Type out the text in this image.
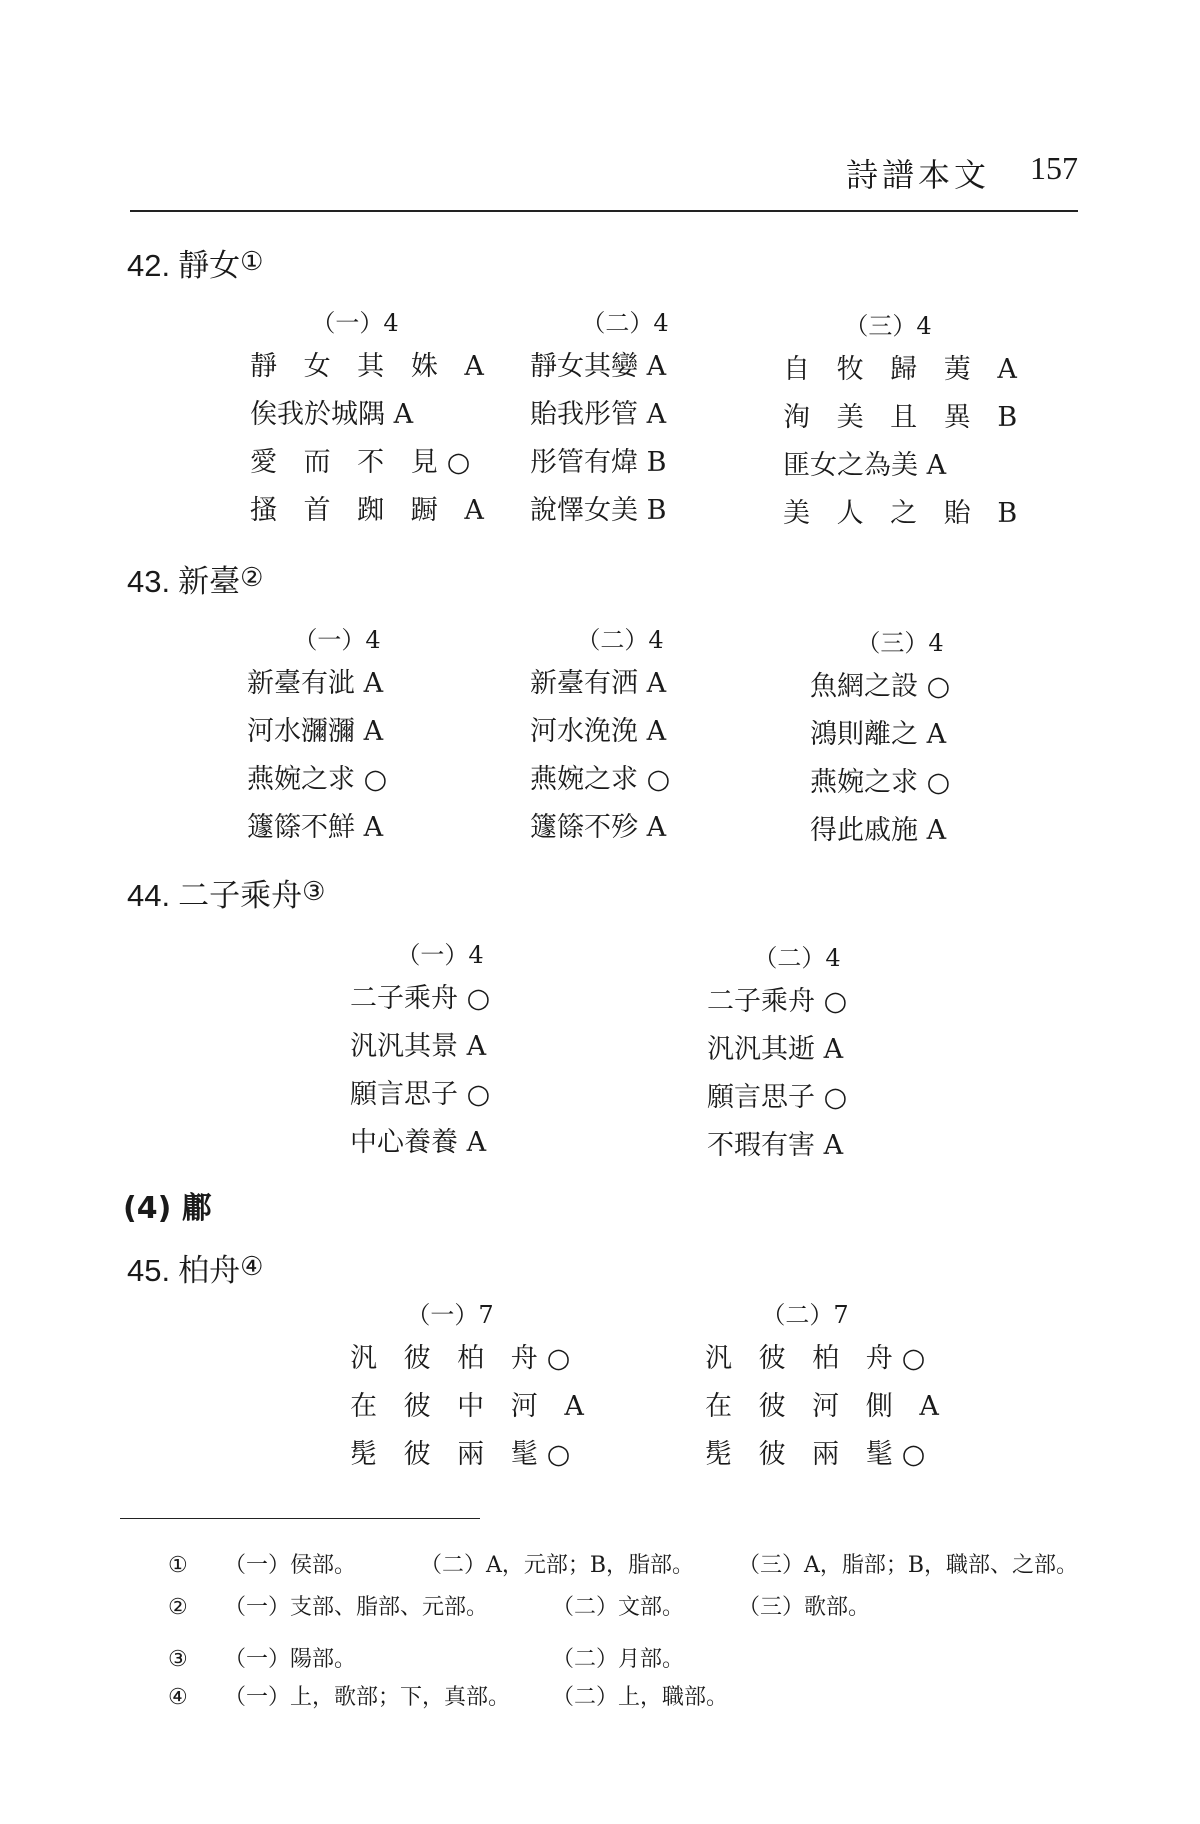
詩譜本文 157
42. 靜女①
（一）4
靜 女 其 姝 A
俟我於城隅 A
愛 而 不 見○
搔 首 踟 蹰 A
（二）4
靜女其孌 A
貽我彤管 A
彤管有煒 B
說懌女美 B
（三）4
自 牧 歸 荑 A
洵 美 且 異 B
匪女之為美 A
美 人 之 貽 B
43. 新臺②
（一）4
新臺有泚 A
河水瀰瀰 A
燕婉之求 ○
籧篨不鮮 A
（二）4
新臺有洒 A
河水浼浼 A
燕婉之求 ○
籧篨不殄 A
（三）4
魚網之設 ○
鴻則離之 A
燕婉之求 ○
得此戚施 A
44. 二子乘舟③
（一）4
二子乘舟 ○
汎汎其景 A
願言思子 ○
中心養養 A
（二）4
二子乘舟 ○
汎汎其逝 A
願言思子 ○
不瑕有害 A
(4) 鄘
45. 柏舟④
（一）7
汎 彼 柏 舟○
在 彼 中 河 A
髧 彼 兩 髦○
（二）7
汎 彼 柏 舟○
在 彼 河 側 A
髧 彼 兩 髦○
① （一）侯部。	（二）A，元部；B，脂部。 （三）A，脂部；B，職部、之部。
② （一）支部、脂部、元部。	（二）文部。 （三）歌部。
③ （一）陽部。	（二）月部。
④ （一）上，歌部；下，真部。 （二）上，職部。
